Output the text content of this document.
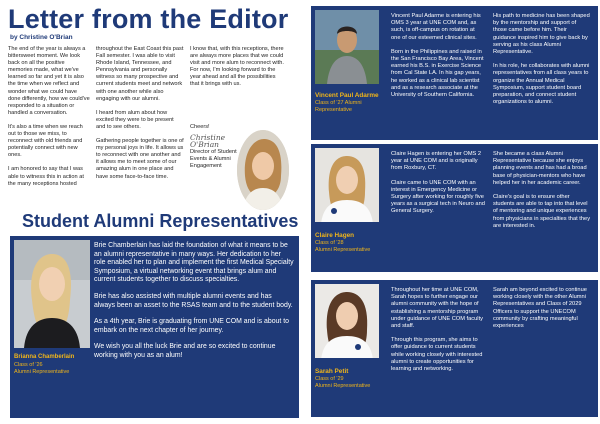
Letter from the Editor
by Christine O'Brian

The end of the year is always a bittersweet moment. We look back on all the positive memories made, what we've learned so far and yet it is also the time when we reflect and wonder what we could have done differently, how we could've responded to a situation or handled a conversation.

It's also a time when we reach out to those we miss, to reconnect with old friends and potentially connect with new ones.

I am honored to say that I was able to witness this in action at the many receptions hosted

throughout the East Coast this past Fall semester. I was able to visit Rhode Island, Tennessee, and Pennsylvania and personally witness so many prospective and current students meet and network with one another while also engaging with our alumni.

I heard from alum about how excited they were to be present and to see others.

Gathering people together is one of my personal joys in life. It allows us to reconnect with one another and it allows me to meet some of our amazing alum in one place and have some face-to-face time.

I know that, with this receptions, there are always more places that we could visit and more alum to reconnect with. For now, I'm looking forward to the year ahead and all the possibilities that it brings with us.

Cheers!
Christine O'Brian
Director of Student Events & Alumni Engagement
Student Alumni Representatives
Brianna Chamberlain
Class of '26
Alumni Representative

Brie Chamberlain has laid the foundation of what it means to be an alumni representative in many ways. Her dedication to her role enabled her to plan and implement the first Medical Specialty Symposium, a virtual networking event that brings alum and current students together to discuss specialties.

Brie has also assisted with multiple alumni events and has always been an asset to the RSAS team and to the student body.

As a 4th year, Brie is graduating from UNE COM and is about to embark on the next chapter of her journey.

We wish you all the luck Brie and are so excited to continue working with you as an alum!

Vincent Paul Adarme
Class of '27 Alumni
Representative

Vincent Paul Adarme is entering his OMS 3 year at UNE COM and, as such, is off-campus on rotation at one of our esteemed clinical sites.

Born in the Philippines and raised in the San Francisco Bay Area, Vincent earned his B.S. in Exercise Science from Cal State LA. In his gap years, he worked as a clinical lab scientist and as a research associate at the University of Southern California.

His path to medicine has been shaped by the mentorship and support of those came before him. Their guidance inspired him to give back by serving as his class Alumni Representative.

In his role, he collaborates with alumni representatives from all class years to organize the Annual Medical Symposium, support student board preparation, and connect student organizations to alumni.

Claire Hagen
Class of '28
Alumni Representative

Claire Hagen is entering her OMS 2 year at UNE COM and is originally from Roxbury, CT.

Claire came to UNE COM with an interest in Emergency Medicine or Surgery after working for roughly five years as a surgical tech in Neuro and General Surgery.

She became a class Alumni Representative because she enjoys planning events and has had a broad base of physician-mentors who have helped her in her academic career.

Claire's goal is to ensure other students are able to tap into that level of mentoring and unique experiences from physicians in specialties that they are interested in.

Sarah Petit
Class of '29
Alumni Representative

Throughout her time at UNE COM, Sarah hopes to further engage our alumni community with the hope of establishing a mentorship program under guidance of UNE COM faculty and staff.

Through this program, she aims to offer guidance to current students while working closely with interested alumni to create opportunities for learning and networking.

Sarah am beyond excited to continue working closely with the other Alumni Representatives and Class of 2029 Officers to support the UNECOM community by crafting meaningful experiences
